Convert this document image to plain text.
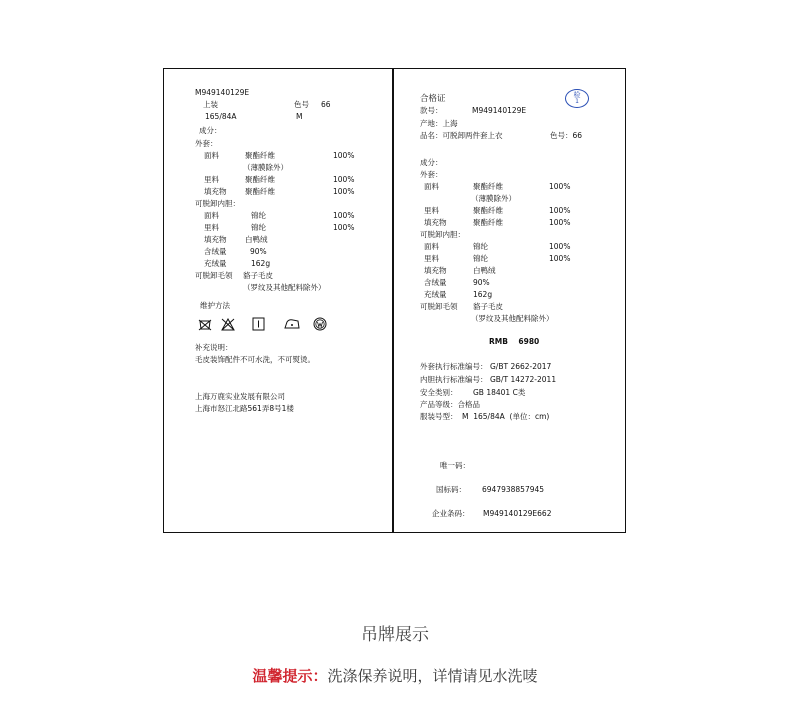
M949140129E
上装	色号 66
165/84A	M
成分：
外套：
面料	聚酯纤维	100%
（薄膜除外）
里料	聚酯纤维	100%
填充物 聚酯纤维	100%
可脱卸内胆：
面料	锦纶	100%
里料	锦纶	100%
填充物 白鸭绒
含绒量	90%
充绒量	162g
可脱卸毛领 貉子毛皮
（罗纹及其他配料除外）
维护方法
补充说明：
毛皮装饰配件不可水洗，不可熨烫。
上海万鹿实业发展有限公司
上海市怒江北路561弄8号1楼
合格证	检
1
款号：	M949140129E
产地：上海
品名：可脱卸两件套上衣	色号：66
成分：
外套：
面料	聚酯纤维	100%
（薄膜除外）
里料	聚酯纤维	100%
填充物	聚酯纤维	100%
可脱卸内胆：
面料	锦纶	100%
里料	锦纶	100%
填充物	白鸭绒
含绒量	90%
充绒量	162g
可脱卸毛领 貉子毛皮
（罗纹及其他配料除外）
RMB    6980
外套执行标准编号： G/BT 2662-2017
内胆执行标准编号： GB/T 14272-2011
安全类别： GB 18401 C类
产品等级：合格品
服装号型： M  165/84A  (单位：cm)
唯一码：
国标码： 6947938857945
企业条码： M949140129E662
吊牌展示
温馨提示：洗涤保养说明，详情请见水洗唛
